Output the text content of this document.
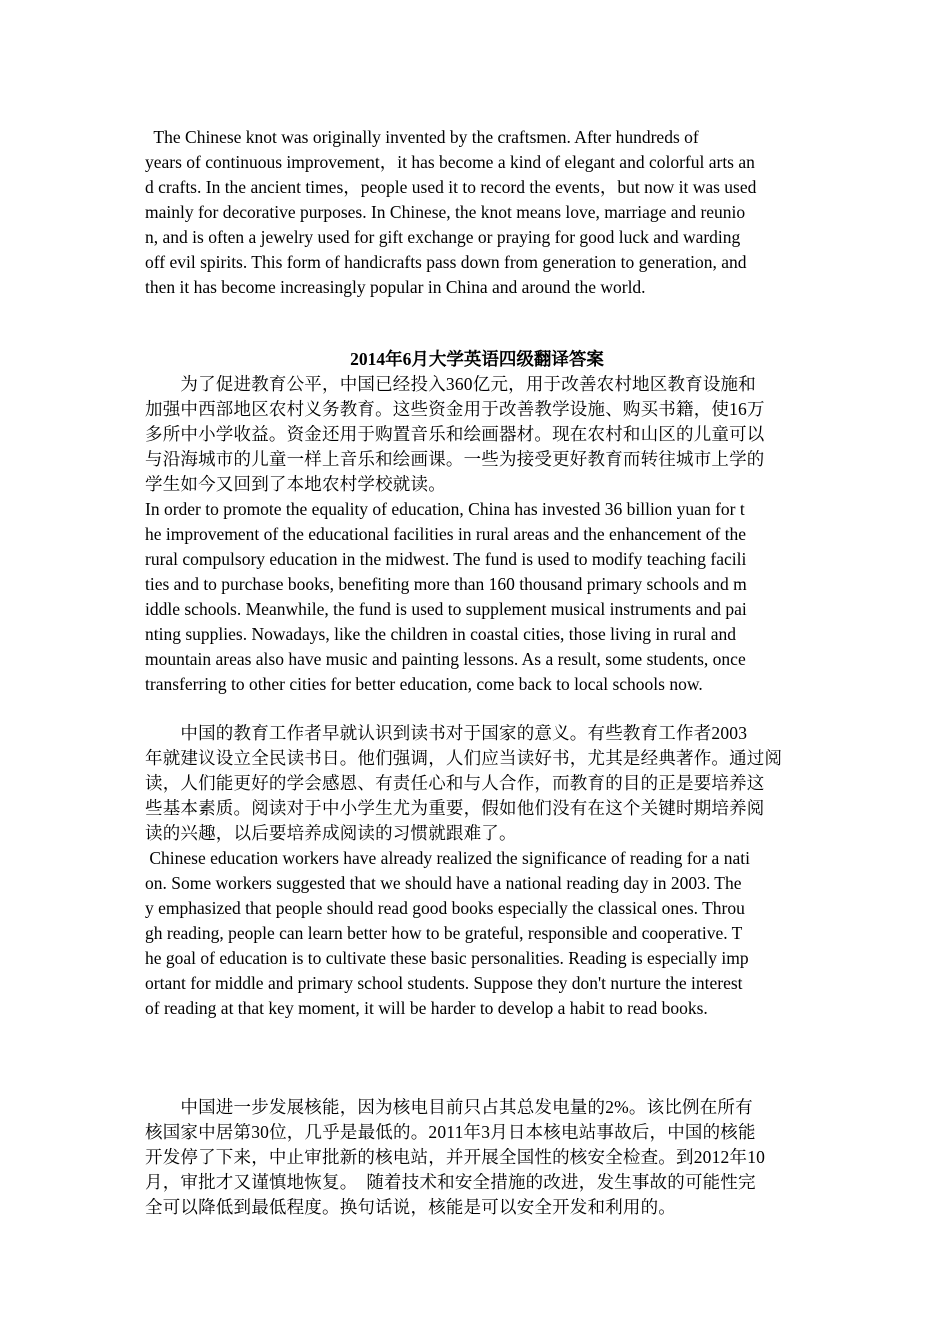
The Chinese knot was originally invented by the craftsmen. After hundreds of
years of continuous improvement，it has become a kind of elegant and colorful arts an
d crafts. In the ancient times，people used it to record the events，but now it was used
mainly for decorative purposes. In Chinese, the knot means love, marriage and reunio
n, and is often a jewelry used for gift exchange or praying for good luck and warding
off evil spirits. This form of handicrafts pass down from generation to generation, and
then it has become increasingly popular in China and around the world.
2014年6月大学英语四级翻译答案
　　为了促进教育公平，中国已经投入360亿元，用于改善农村地区教育设施和
加强中西部地区农村义务教育。这些资金用于改善教学设施、购买书籍，使16万
多所中小学收益。资金还用于购置音乐和绘画器材。现在农村和山区的儿童可以
与沿海城市的儿童一样上音乐和绘画课。一些为接受更好教育而转往城市上学的
学生如今又回到了本地农村学校就读。
In order to promote the equality of education, China has invested 36 billion yuan for t
he improvement of the educational facilities in rural areas and the enhancement of the
rural compulsory education in the midwest. The fund is used to modify teaching facili
ties and to purchase books, benefiting more than 160 thousand primary schools and m
iddle schools. Meanwhile, the fund is used to supplement musical instruments and pai
nting supplies. Nowadays, like the children in coastal cities, those living in rural and
mountain areas also have music and painting lessons. As a result, some students, once
transferring to other cities for better education, come back to local schools now.
　　中国的教育工作者早就认识到读书对于国家的意义。有些教育工作者2003
年就建议设立全民读书日。他们强调，人们应当读好书，尤其是经典著作。通过阅
读，人们能更好的学会感恩、有责任心和与人合作，而教育的目的正是要培养这
些基本素质。阅读对于中小学生尤为重要，假如他们没有在这个关键时期培养阅
读的兴趣，以后要培养成阅读的习惯就跟难了。
Chinese education workers have already realized the significance of reading for a nati
on. Some workers suggested that we should have a national reading day in 2003. The
y emphasized that people should read good books especially the classical ones. Throu
gh reading, people can learn better how to be grateful, responsible and cooperative. T
he goal of education is to cultivate these basic personalities. Reading is especially imp
ortant for middle and primary school students. Suppose they don't nurture the interest
of reading at that key moment, it will be harder to develop a habit to read books.
　　中国进一步发展核能，因为核电目前只占其总发电量的2%。该比例在所有
核国家中居第30位，几乎是最低的。2011年3月日本核电站事故后，中国的核能
开发停了下来，中止审批新的核电站，并开展全国性的核安全检查。到2012年10
月，审批才又谨慎地恢复。　随着技术和安全措施的改进，发生事故的可能性完
全可以降低到最低程度。换句话说，核能是可以安全开发和利用的。
